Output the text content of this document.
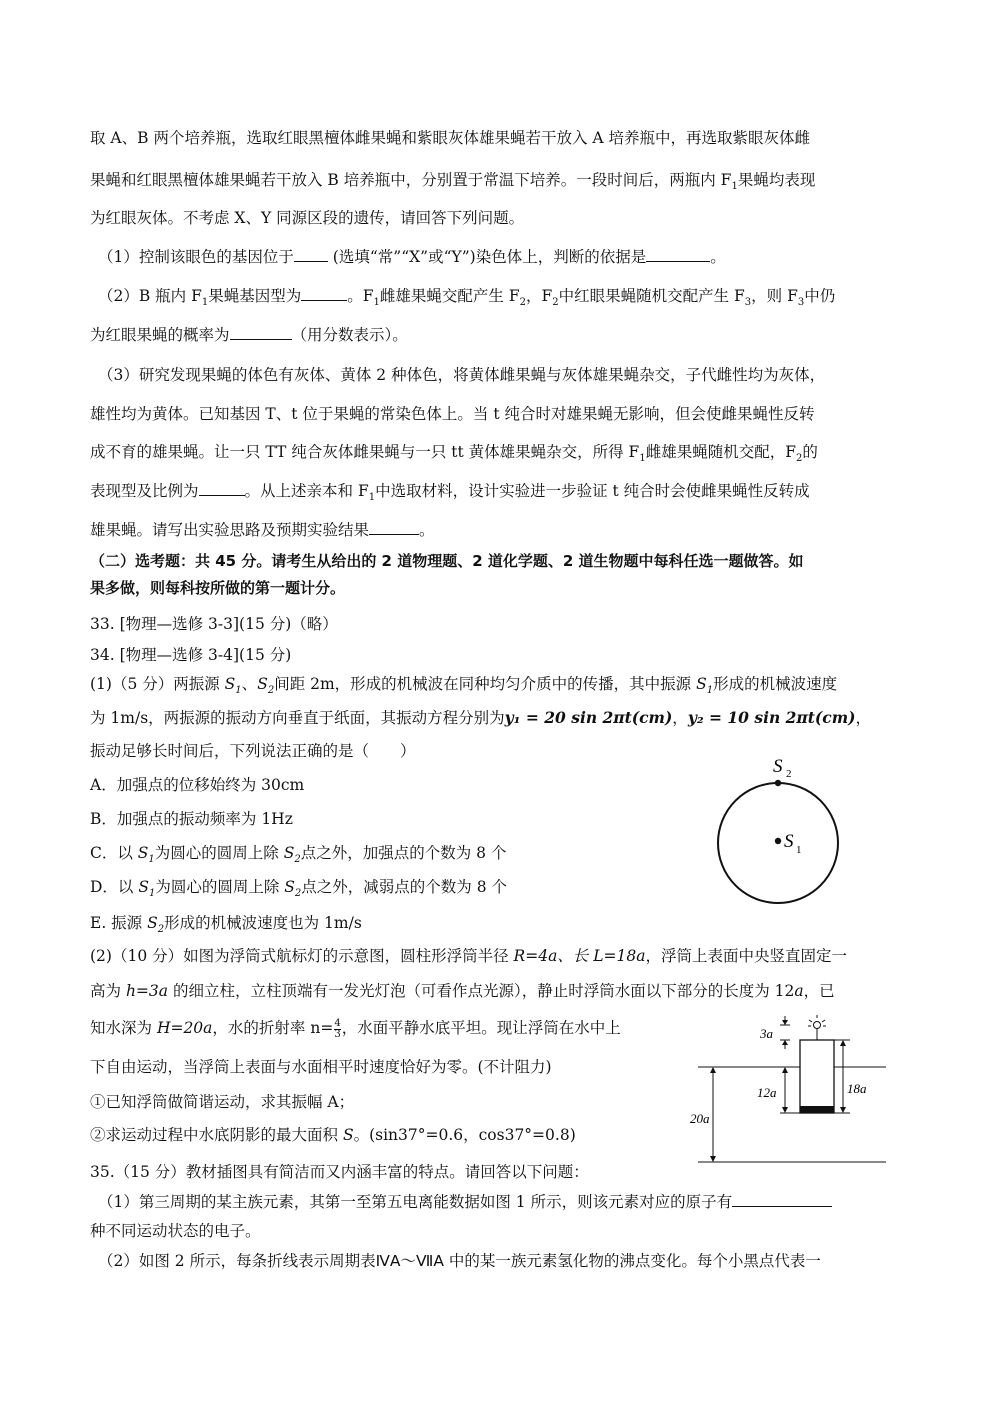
取 A、B 两个培养瓶，选取红眼黑檀体雌果蝇和紫眼灰体雄果蝇若干放入 A 培养瓶中，再选取紫眼灰体雌
果蝇和红眼黑檀体雄果蝇若干放入 B 培养瓶中，分别置于常温下培养。一段时间后，两瓶内 $F_1$果蝇均表现
为红眼灰体。不考虑 X、Y 同源区段的遗传，请回答下列问题。
（1）控制该眼色的基因位于 (选填“常”“X”或“Y”)染色体上，判断的依据是	。
（2）B 瓶内 $F_1$果蝇基因型为	。$F_1$雌雄果蝇交配产生 $F_2$，$F_2$中红眼果蝇随机交配产生 $F_3$，则 $F_3$中仍
为红眼果蝇的概率为	（用分数表示）。
（3）研究发现果蝇的体色有灰体、黄体 2 种体色，将黄体雌果蝇与灰体雄果蝇杂交，子代雌性均为灰体，
雄性均为黄体。已知基因 T、t 位于果蝇的常染色体上。当 t 纯合时对雄果蝇无影响，但会使雌果蝇性反转
成不育的雄果蝇。让一只 TT 纯合灰体雌果蝇与一只 tt 黄体雄果蝇杂交，所得 $F_1$雌雄果蝇随机交配，$F_2$的
表现型及比例为	。从上述亲本和 $F_1$中选取材料，设计实验进一步验证 t 纯合时会使雌果蝇性反转成
雄果蝇。请写出实验思路及预期实验结果	。
（二）选考题：共 45 分。请考生从给出的 2 道物理题、2 道化学题、2 道生物题中每科任选一题做答。如
果多做，则每科按所做的第一题计分。
33. [物理—选修 3-3](15 分)（略）
34. [物理—选修 3-4](15 分)
(1)（5 分）两振源 $S_1$、$S_2$间距 2m，形成的机械波在同种均匀介质中的传播，其中振源 $S_1$形成的机械波速度
为 1m/s，两振源的振动方向垂直于纸面，其振动方程分别为y₁ = 20 sin 2πt(cm)，y₂ = 10 sin 2πt(cm)，
振动足够长时间后，下列说法正确的是（　　）
A．加强点的位移始终为 30cm
B．加强点的振动频率为 1Hz
C．以 $S_1$为圆心的圆周上除 $S_2$点之外，加强点的个数为 8 个
D．以 $S_1$为圆心的圆周上除 $S_2$点之外，减弱点的个数为 8 个
E. 振源 $S_2$形成的机械波速度也为 1m/s
S 2
S 1
(2)（10 分）如图为浮筒式航标灯的示意图，圆柱形浮筒半径 R=4a、长 L=18a，浮筒上表面中央竖直固定一
高为 h=3a 的细立柱，立柱顶端有一发光灯泡（可看作点光源），静止时浮筒水面以下部分的长度为 12a，已
知水深为 H=20a，水的折射率 $n= \frac{4}{3}$ ，水面平静水底平坦。现让浮筒在水中上
下自由运动，当浮筒上表面与水面相平时速度恰好为零。(不计阻力)
①已知浮筒做简谐运动，求其振幅 A；
②求运动过程中水底阴影的最大面积 S。(sin37°=0.6，cos37°=0.8)
20a
3a
12a	18a
35.（15 分）教材插图具有简洁而又内涵丰富的特点。请回答以下问题：
（1）第三周期的某主族元素，其第一至第五电离能数据如图 1 所示，则该元素对应的原子有
种不同运动状态的电子。
（2）如图 2 所示，每条折线表示周期表ⅣA～ⅦA 中的某一族元素氢化物的沸点变化。每个小黑点代表一
